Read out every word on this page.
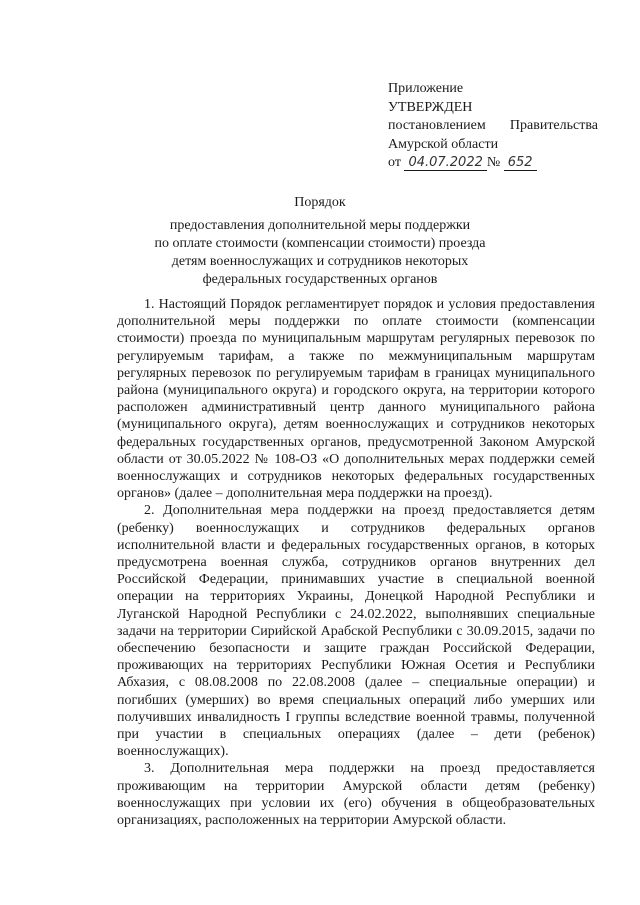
Приложение
УТВЕРЖДЕН
постановлением Правительства
Амурской области
от 04.07.2022 № 652
Порядок
предоставления дополнительной меры поддержки
по оплате стоимости (компенсации стоимости) проезда
детям военнослужащих и сотрудников некоторых
федеральных государственных органов

1. Настоящий Порядок регламентирует порядок и условия предоставления дополнительной меры поддержки по оплате стоимости (компенсации стоимости) проезда по муниципальным маршрутам регулярных перевозок по регулируемым тарифам, а также по межмуниципальным маршрутам регулярных перевозок по регулируемым тарифам в границах муниципального района (муниципального округа) и городского округа, на территории которого расположен административный центр данного муниципального района (муниципального округа), детям военнослужащих и сотрудников некоторых федеральных государственных органов, предусмотренной Законом Амурской области от 30.05.2022 № 108-ОЗ «О дополнительных мерах поддержки семей военнослужащих и сотрудников некоторых федеральных государственных органов» (далее – дополнительная мера поддержки на проезд).

2. Дополнительная мера поддержки на проезд предоставляется детям (ребенку) военнослужащих и сотрудников федеральных органов исполнительной власти и федеральных государственных органов, в которых предусмотрена военная служба, сотрудников органов внутренних дел Российской Федерации, принимавших участие в специальной военной операции на территориях Украины, Донецкой Народной Республики и Луганской Народной Республики с 24.02.2022, выполнявших специальные задачи на территории Сирийской Арабской Республики с 30.09.2015, задачи по обеспечению безопасности и защите граждан Российской Федерации, проживающих на территориях Республики Южная Осетия и Республики Абхазия, с 08.08.2008 по 22.08.2008 (далее – специальные операции) и погибших (умерших) во время специальных операций либо умерших или получивших инвалидность I группы вследствие военной травмы, полученной при участии в специальных операциях (далее – дети (ребенок) военнослужащих).

3. Дополнительная мера поддержки на проезд предоставляется проживающим на территории Амурской области детям (ребенку) военнослужащих при условии их (его) обучения в общеобразовательных организациях, расположенных на территории Амурской области.
